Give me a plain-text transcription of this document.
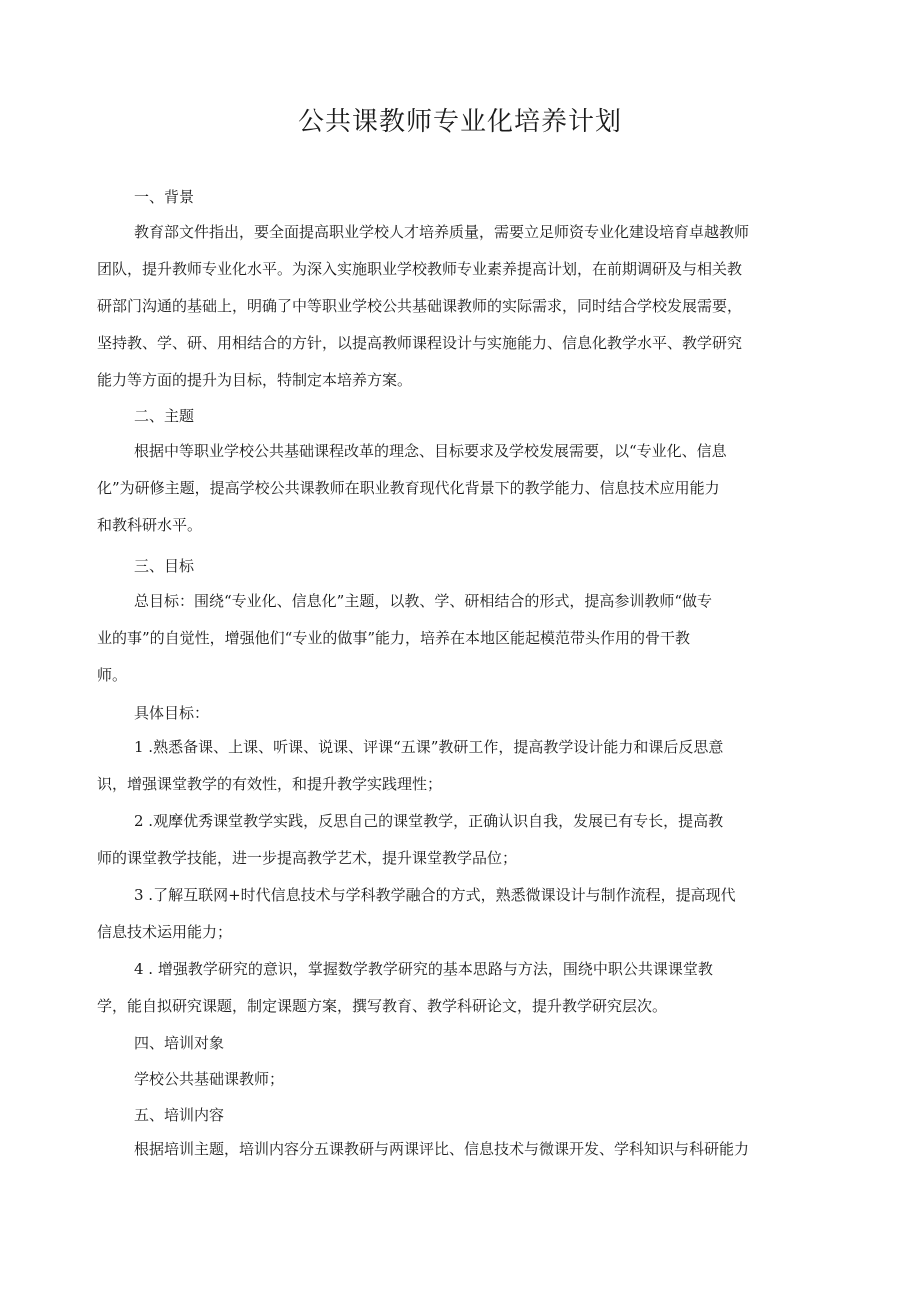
公共课教师专业化培养计划
一、背景
教育部文件指出，要全面提高职业学校人才培养质量，需要立足师资专业化建设培育卓越教师
团队，提升教师专业化水平。为深入实施职业学校教师专业素养提高计划，在前期调研及与相关教
研部门沟通的基础上，明确了中等职业学校公共基础课教师的实际需求，同时结合学校发展需要，
坚持教、学、研、用相结合的方针，以提高教师课程设计与实施能力、信息化教学水平、教学研究
能力等方面的提升为目标，特制定本培养方案。
二、主题
根据中等职业学校公共基础课程改革的理念、目标要求及学校发展需要，以“专业化、信息
化”为研修主题，提高学校公共课教师在职业教育现代化背景下的教学能力、信息技术应用能力
和教科研水平。
三、目标
总目标：围绕“专业化、信息化”主题，以教、学、研相结合的形式，提高参训教师“做专
业的事”的自觉性，增强他们“专业的做事”能力，培养在本地区能起模范带头作用的骨干教
师。
具体目标：
1 .熟悉备课、上课、听课、说课、评课“五课”教研工作，提高教学设计能力和课后反思意
识，增强课堂教学的有效性，和提升教学实践理性；
2 .观摩优秀课堂教学实践，反思自己的课堂教学，正确认识自我，发展已有专长，提高教
师的课堂教学技能，进一步提高教学艺术，提升课堂教学品位；
3 .了解互联网+时代信息技术与学科教学融合的方式，熟悉微课设计与制作流程，提高现代
信息技术运用能力；
4 . 增强教学研究的意识，掌握数学教学研究的基本思路与方法，围绕中职公共课课堂教
学，能自拟研究课题，制定课题方案，撰写教育、教学科研论文，提升教学研究层次。
四、培训对象
学校公共基础课教师；
五、培训内容
根据培训主题，培训内容分五课教研与两课评比、信息技术与微课开发、学科知识与科研能力
